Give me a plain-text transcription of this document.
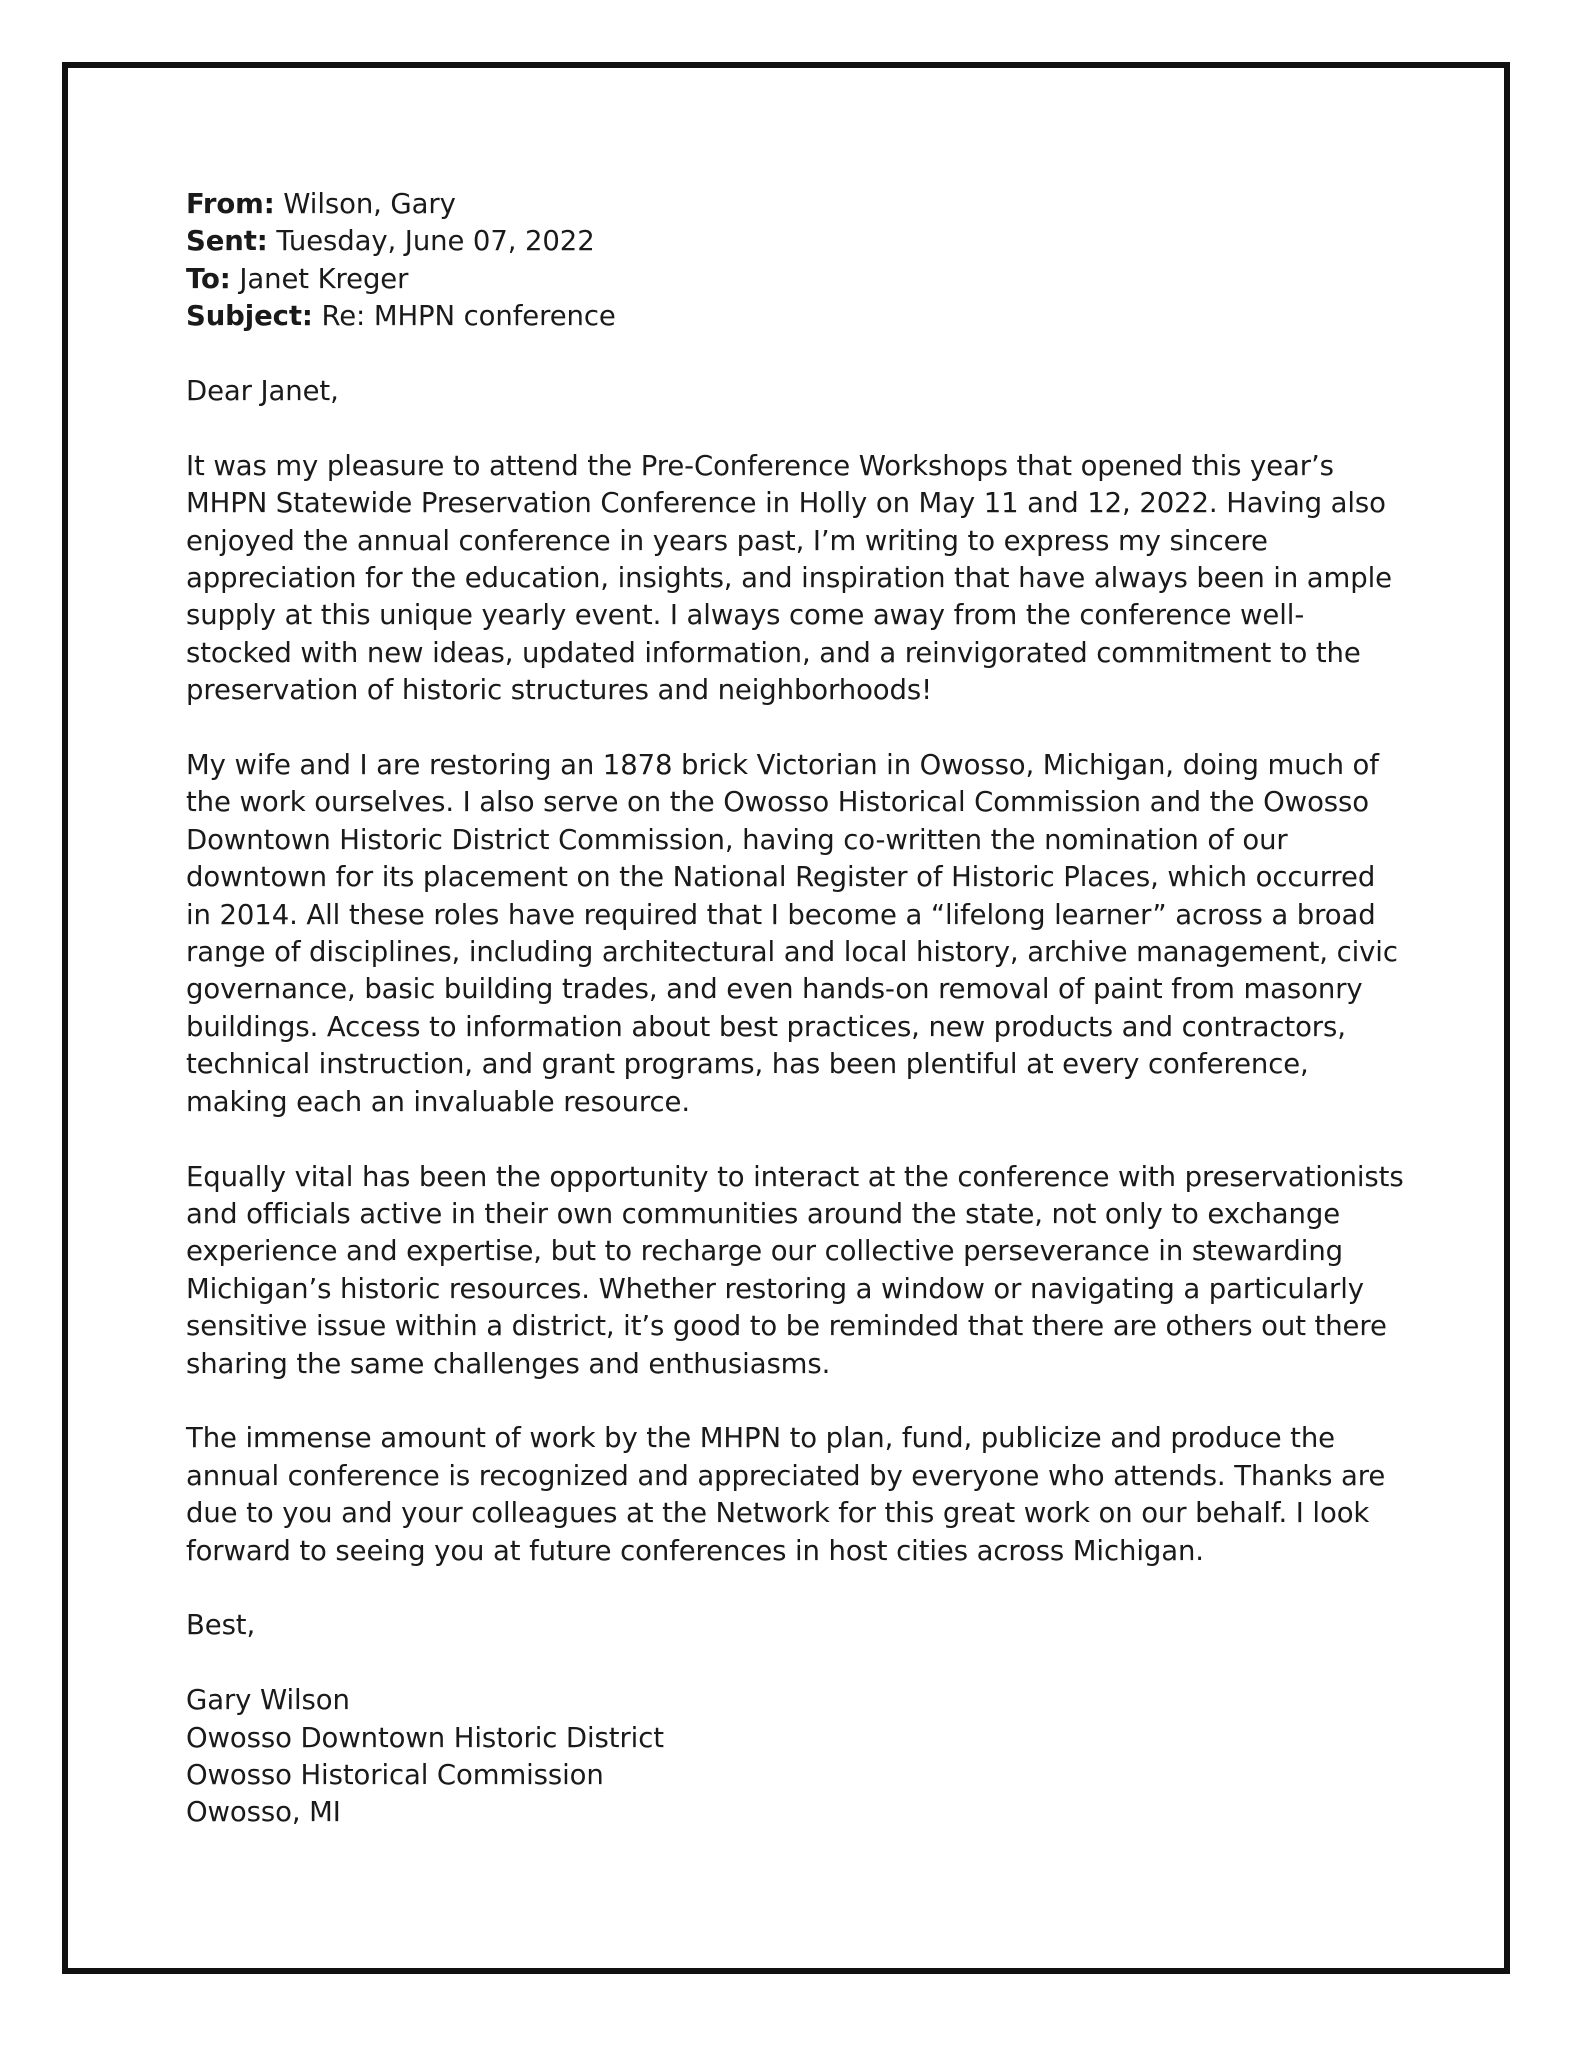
From: Wilson, Gary
Sent: Tuesday, June 07, 2022
To: Janet Kreger
Subject: Re: MHPN conference

Dear Janet,

It was my pleasure to attend the Pre-Conference Workshops that opened this year’s
MHPN Statewide Preservation Conference in Holly on May 11 and 12, 2022. Having also
enjoyed the annual conference in years past, I’m writing to express my sincere
appreciation for the education, insights, and inspiration that have always been in ample
supply at this unique yearly event. I always come away from the conference well-
stocked with new ideas, updated information, and a reinvigorated commitment to the
preservation of historic structures and neighborhoods!
My wife and I are restoring an 1878 brick Victorian in Owosso, Michigan, doing much of
the work ourselves. I also serve on the Owosso Historical Commission and the Owosso
Downtown Historic District Commission, having co-written the nomination of our
downtown for its placement on the National Register of Historic Places, which occurred
in 2014. All these roles have required that I become a “lifelong learner” across a broad
range of disciplines, including architectural and local history, archive management, civic
governance, basic building trades, and even hands-on removal of paint from masonry
buildings. Access to information about best practices, new products and contractors,
technical instruction, and grant programs, has been plentiful at every conference,
making each an invaluable resource.
Equally vital has been the opportunity to interact at the conference with preservationists
and officials active in their own communities around the state, not only to exchange
experience and expertise, but to recharge our collective perseverance in stewarding
Michigan’s historic resources. Whether restoring a window or navigating a particularly
sensitive issue within a district, it’s good to be reminded that there are others out there
sharing the same challenges and enthusiasms.
The immense amount of work by the MHPN to plan, fund, publicize and produce the
annual conference is recognized and appreciated by everyone who attends. Thanks are
due to you and your colleagues at the Network for this great work on our behalf. I look
forward to seeing you at future conferences in host cities across Michigan.

Best,

Gary Wilson
Owosso Downtown Historic District
Owosso Historical Commission
Owosso, MI
